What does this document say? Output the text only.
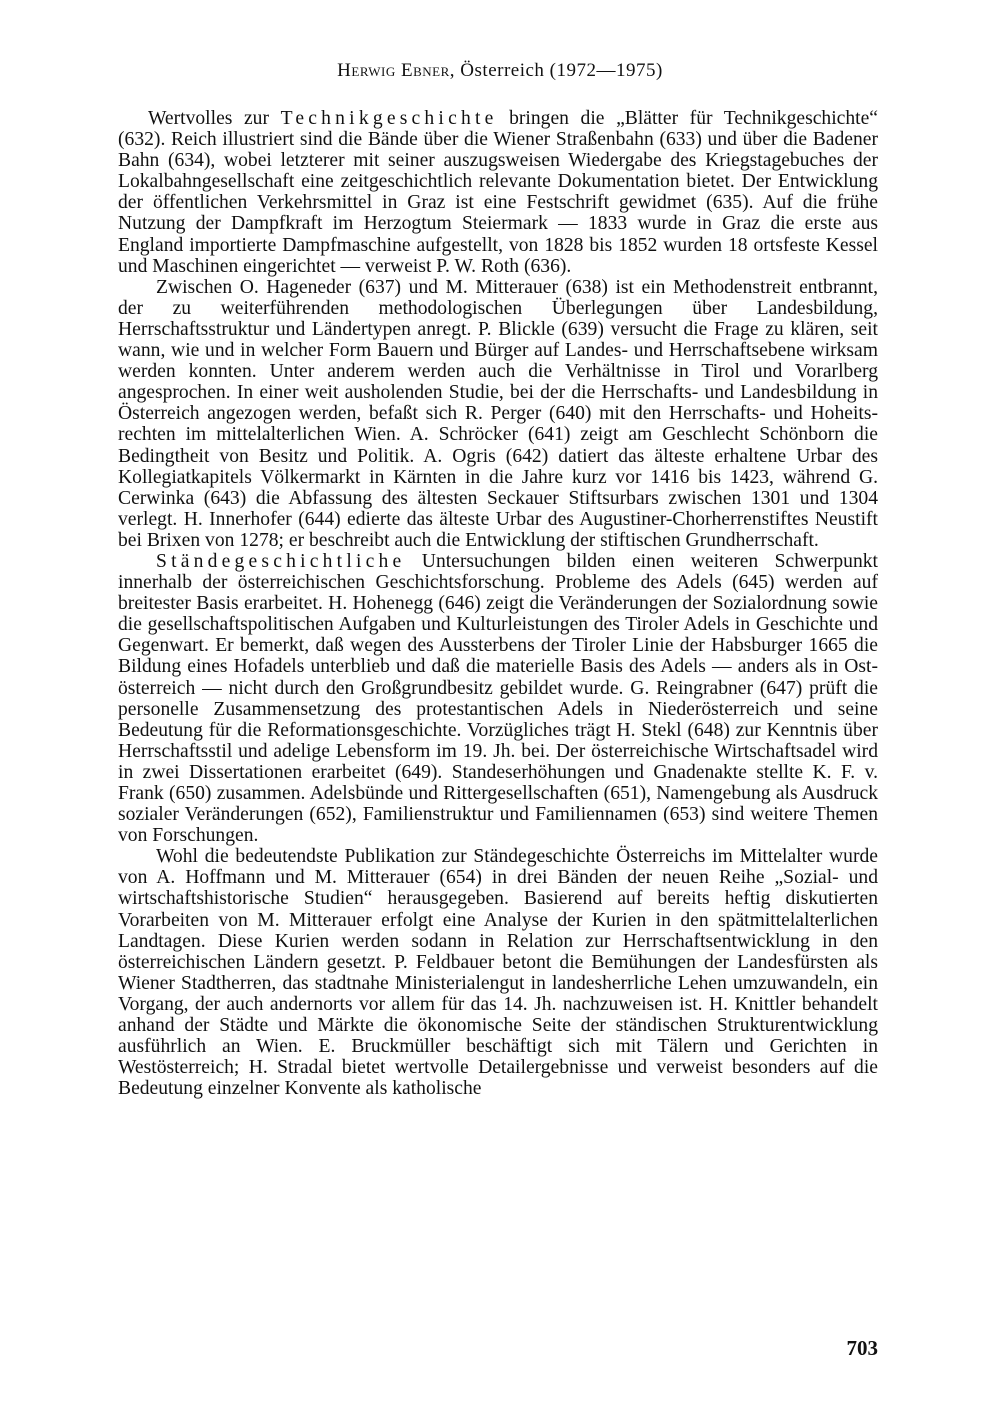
Herwig Ebner, Österreich (1972—1975)

Wertvolles zur Technikgeschichte bringen die „Blätter für Technikgeschichte“ (632). Reich illustriert sind die Bände über die Wiener Straßenbahn (633) und über die Badener Bahn (634), wobei letzterer mit seiner auszugsweisen Wiedergabe des Kriegstagebuches der Lokalbahngesellschaft eine zeitgeschichtlich relevante Dokumentation bietet. Der Entwicklung der öffentlichen Verkehrsmittel in Graz ist eine Festschrift gewidmet (635). Auf die frühe Nutzung der Dampfkraft im Herzogtum Steiermark — 1833 wurde in Graz die erste aus England importierte Dampfmaschine aufgestellt, von 1828 bis 1852 wurden 18 ortsfeste Kessel und Maschinen eingerichtet — verweist P. W. Roth (636).

Zwischen O. Hageneder (637) und M. Mitterauer (638) ist ein Methodenstreit entbrannt, der zu weiterführenden methodologischen Überlegungen über Landesbildung, Herrschaftsstruktur und Ländertypen anregt. P. Blickle (639) versucht die Frage zu klären, seit wann, wie und in welcher Form Bauern und Bürger auf Landes- und Herrschaftsebene wirksam werden konnten. Unter anderem werden auch die Verhältnisse in Tirol und Vorarlberg angesprochen. In einer weit ausholenden Studie, bei der die Herrschafts- und Landesbildung in Österreich angezogen werden, befaßt sich R. Perger (640) mit den Herrschafts- und Hoheitsrechten im mittelalterlichen Wien. A. Schröcker (641) zeigt am Geschlecht Schönborn die Bedingtheit von Besitz und Politik. A. Ogris (642) datiert das älteste erhaltene Urbar des Kollegiatkapitels Völkermarkt in Kärnten in die Jahre kurz vor 1416 bis 1423, während G. Cerwinka (643) die Abfassung des ältesten Seckauer Stiftsurbars zwischen 1301 und 1304 verlegt. H. Innerhofer (644) edierte das älteste Urbar des Augustiner-Chorherrenstiftes Neustift bei Brixen von 1278; er beschreibt auch die Entwicklung der stiftischen Grundherrschaft.

Ständegeschichtliche Untersuchungen bilden einen weiteren Schwerpunkt innerhalb der österreichischen Geschichtsforschung. Probleme des Adels (645) werden auf breitester Basis erarbeitet. H. Hohenegg (646) zeigt die Veränderungen der Sozialordnung sowie die gesellschaftspolitischen Aufgaben und Kulturleistungen des Tiroler Adels in Geschichte und Gegenwart. Er bemerkt, daß wegen des Aussterbens der Tiroler Linie der Habsburger 1665 die Bildung eines Hofadels unterblieb und daß die materielle Basis des Adels — anders als in Ostösterreich — nicht durch den Großgrundbesitz gebildet wurde. G. Reingrabner (647) prüft die personelle Zusammensetzung des protestantischen Adels in Niederösterreich und seine Bedeutung für die Reformationsgeschichte. Vorzügliches trägt H. Stekl (648) zur Kenntnis über Herrschaftsstil und adelige Lebensform im 19. Jh. bei. Der österreichische Wirtschaftsadel wird in zwei Dissertationen erarbeitet (649). Standeserhöhungen und Gnadenakte stellte K. F. v. Frank (650) zusammen. Adelsbünde und Rittergesellschaften (651), Namengebung als Ausdruck sozialer Veränderungen (652), Familienstruktur und Familiennamen (653) sind weitere Themen von Forschungen.

Wohl die bedeutendste Publikation zur Ständegeschichte Österreichs im Mittelalter wurde von A. Hoffmann und M. Mitterauer (654) in drei Bänden der neuen Reihe „Sozial- und wirtschaftshistorische Studien“ herausgegeben. Basierend auf bereits heftig diskutierten Vorarbeiten von M. Mitterauer erfolgt eine Analyse der Kurien in den spätmittelalterlichen Landtagen. Diese Kurien werden sodann in Relation zur Herrschaftsentwicklung in den österreichischen Ländern gesetzt. P. Feldbauer betont die Bemühungen der Landesfürsten als Wiener Stadtherren, das stadtnahe Ministerialengut in landesherrliche Lehen umzuwandeln, ein Vorgang, der auch andernorts vor allem für das 14. Jh. nachzuweisen ist. H. Knittler behandelt anhand der Städte und Märkte die ökonomische Seite der ständischen Strukturentwicklung ausführlich an Wien. E. Bruckmüller beschäftigt sich mit Tälern und Gerichten in Westösterreich; H. Stradal bietet wertvolle Detailergebnisse und verweist besonders auf die Bedeutung einzelner Konvente als katholische

703
